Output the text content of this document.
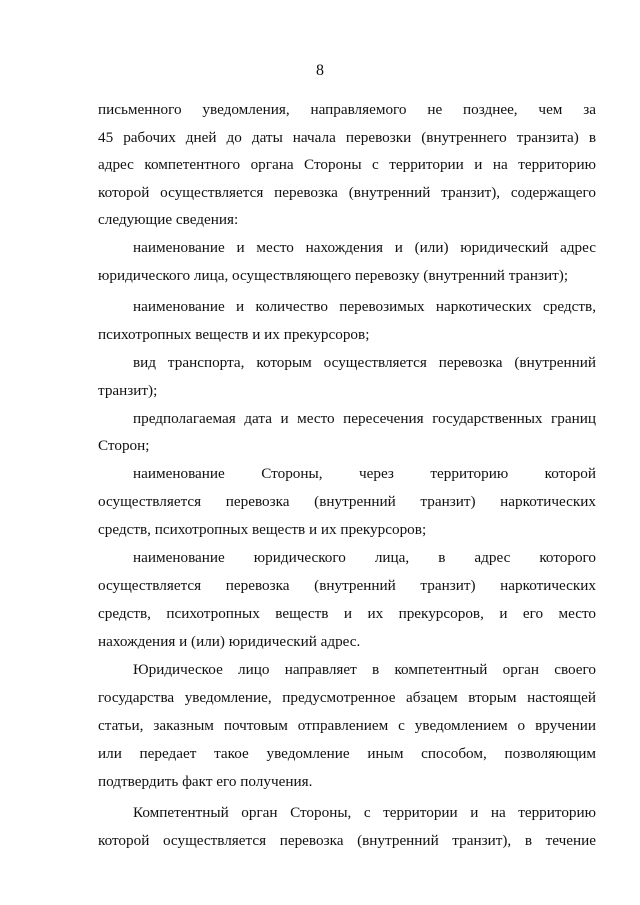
8
письменного уведомления, направляемого не позднее, чем за
45 рабочих дней до даты начала перевозки (внутреннего транзита) в
адрес компетентного органа Стороны с территории и на территорию
которой осуществляется перевозка (внутренний транзит), содержащего
следующие сведения:
наименование и место нахождения и (или) юридический адрес
юридического лица, осуществляющего перевозку (внутренний транзит);
наименование и количество перевозимых наркотических средств,
психотропных веществ и их прекурсоров;
вид транспорта, которым осуществляется перевозка (внутренний
транзит);
предполагаемая дата и место пересечения государственных границ
Сторон;
наименование Стороны, через территорию которой
осуществляется перевозка (внутренний транзит) наркотических
средств, психотропных веществ и их прекурсоров;
наименование юридического лица, в адрес которого
осуществляется перевозка (внутренний транзит) наркотических
средств, психотропных веществ и их прекурсоров, и его место
нахождения и (или) юридический адрес.
Юридическое лицо направляет в компетентный орган своего
государства уведомление, предусмотренное абзацем вторым настоящей
статьи, заказным почтовым отправлением с уведомлением о вручении
или передает такое уведомление иным способом, позволяющим
подтвердить факт его получения.
Компетентный орган Стороны, с территории и на территорию
которой осуществляется перевозка (внутренний транзит), в течение
